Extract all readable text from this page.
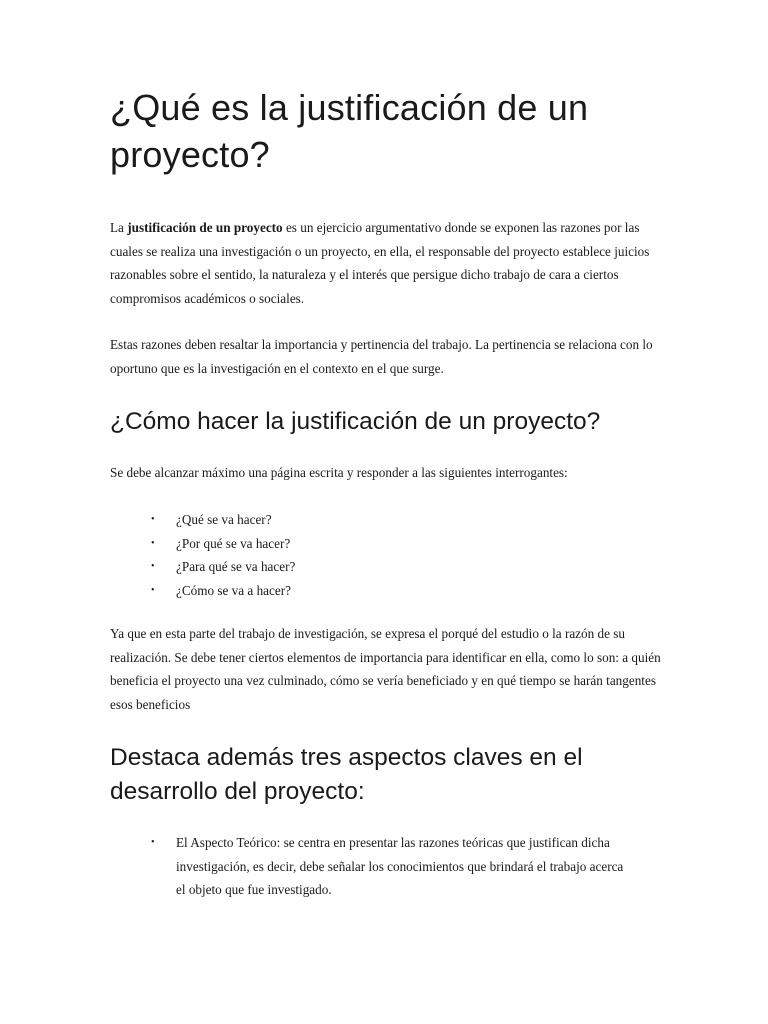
¿Qué es la justificación de un proyecto?

La justificación de un proyecto es un ejercicio argumentativo donde se exponen las razones por las cuales se realiza una investigación o un proyecto, en ella, el responsable del proyecto establece juicios razonables sobre el sentido, la naturaleza y el interés que persigue dicho trabajo de cara a ciertos compromisos académicos o sociales.

Estas razones deben resaltar la importancia y pertinencia del trabajo. La pertinencia se relaciona con lo oportuno que es la investigación en el contexto en el que surge.

¿Cómo hacer la justificación de un proyecto?

Se debe alcanzar máximo una página escrita y responder a las siguientes interrogantes:

• ¿Qué se va hacer?
• ¿Por qué se va hacer?
• ¿Para qué se va hacer?
• ¿Cómo se va a hacer?

Ya que en esta parte del trabajo de investigación, se expresa el porqué del estudio o la razón de su realización. Se debe tener ciertos elementos de importancia para identificar en ella, como lo son: a quién beneficia el proyecto una vez culminado, cómo se vería beneficiado y en qué tiempo se harán tangentes esos beneficios

Destaca además tres aspectos claves en el desarrollo del proyecto:
• El Aspecto Teórico: se centra en presentar las razones teóricas que justifican dicha investigación, es decir, debe señalar los conocimientos que brindará el trabajo acerca el objeto que fue investigado.
